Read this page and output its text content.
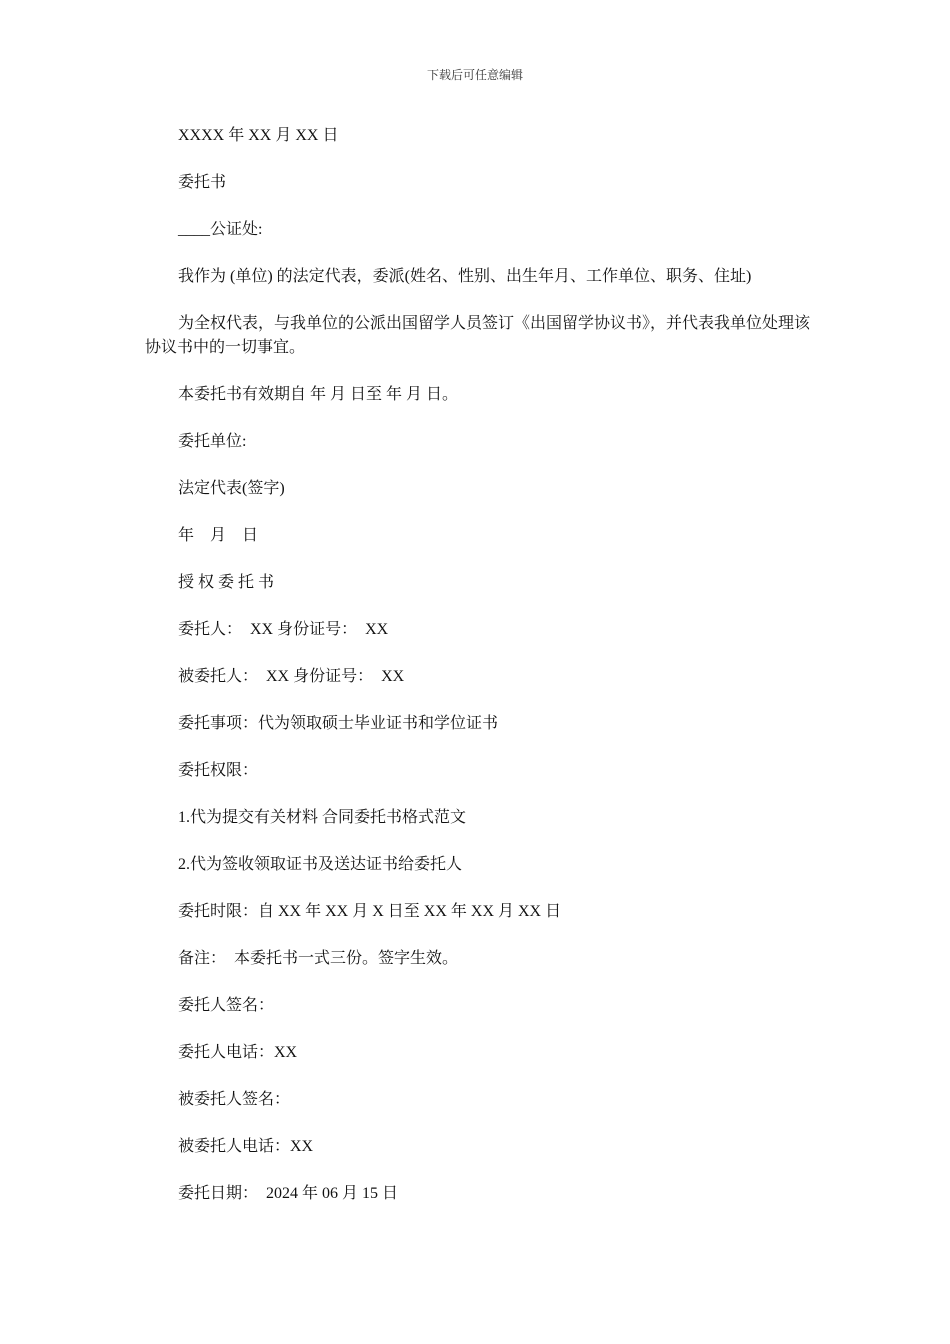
下载后可任意编辑

XXXX 年 XX 月 XX 日

委托书

____公证处:

我作为 (单位) 的法定代表，委派(姓名、性别、出生年月、工作单位、职务、住址)

为全权代表，与我单位的公派出国留学人员签订《出国留学协议书》，并代表我单位处理该协议书中的一切事宜。

本委托书有效期自 年 月 日至 年 月 日。

委托单位:

法定代表(签字)

年    月    日

授 权 委 托 书

委托人：  XX 身份证号：  XX

被委托人：  XX 身份证号：  XX

委托事项：代为领取硕士毕业证书和学位证书

委托权限：

1.代为提交有关材料 合同委托书格式范文

2.代为签收领取证书及送达证书给委托人

委托时限：自 XX 年 XX 月 X 日至 XX 年 XX 月 XX 日

备注：  本委托书一式三份。签字生效。

委托人签名：

委托人电话：XX

被委托人签名：

被委托人电话：XX

委托日期：  2024 年 06 月 15 日
